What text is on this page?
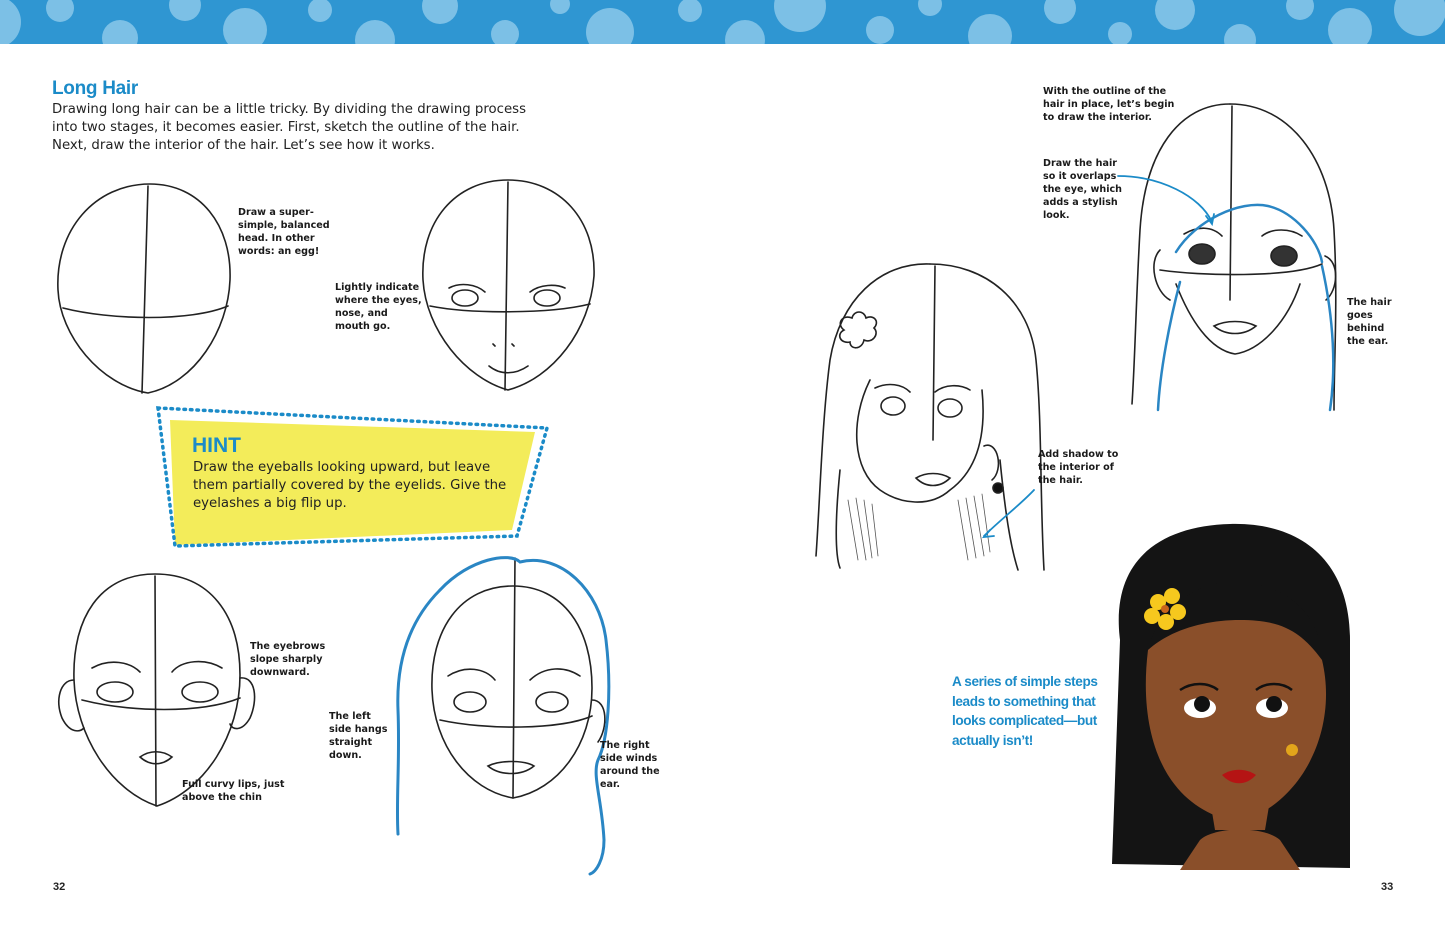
Long Hair
Drawing long hair can be a little tricky. By dividing the drawing process into two stages, it becomes easier. First, sketch the outline of the hair. Next, draw the interior of the hair. Let’s see how it works.
Draw a super-simple, balanced head. In other words: an egg!
Lightly indicate where the eyes, nose, and mouth go.
The eyebrows slope sharply downward.
Full curvy lips, just above the chin
The left side hangs straight down.
The right side winds around the ear.
HINT
Draw the eyeballs looking upward, but leave them partially covered by the eyelids. Give the eyelashes a big flip up.
With the outline of the hair in place, let’s begin to draw the interior.
Draw the hair so it overlaps the eye, which adds a stylish look.
The hair goes behind the ear.
Add shadow to the interior of the hair.
A series of simple steps leads to something that looks complicated—but actually isn’t!
32	33
